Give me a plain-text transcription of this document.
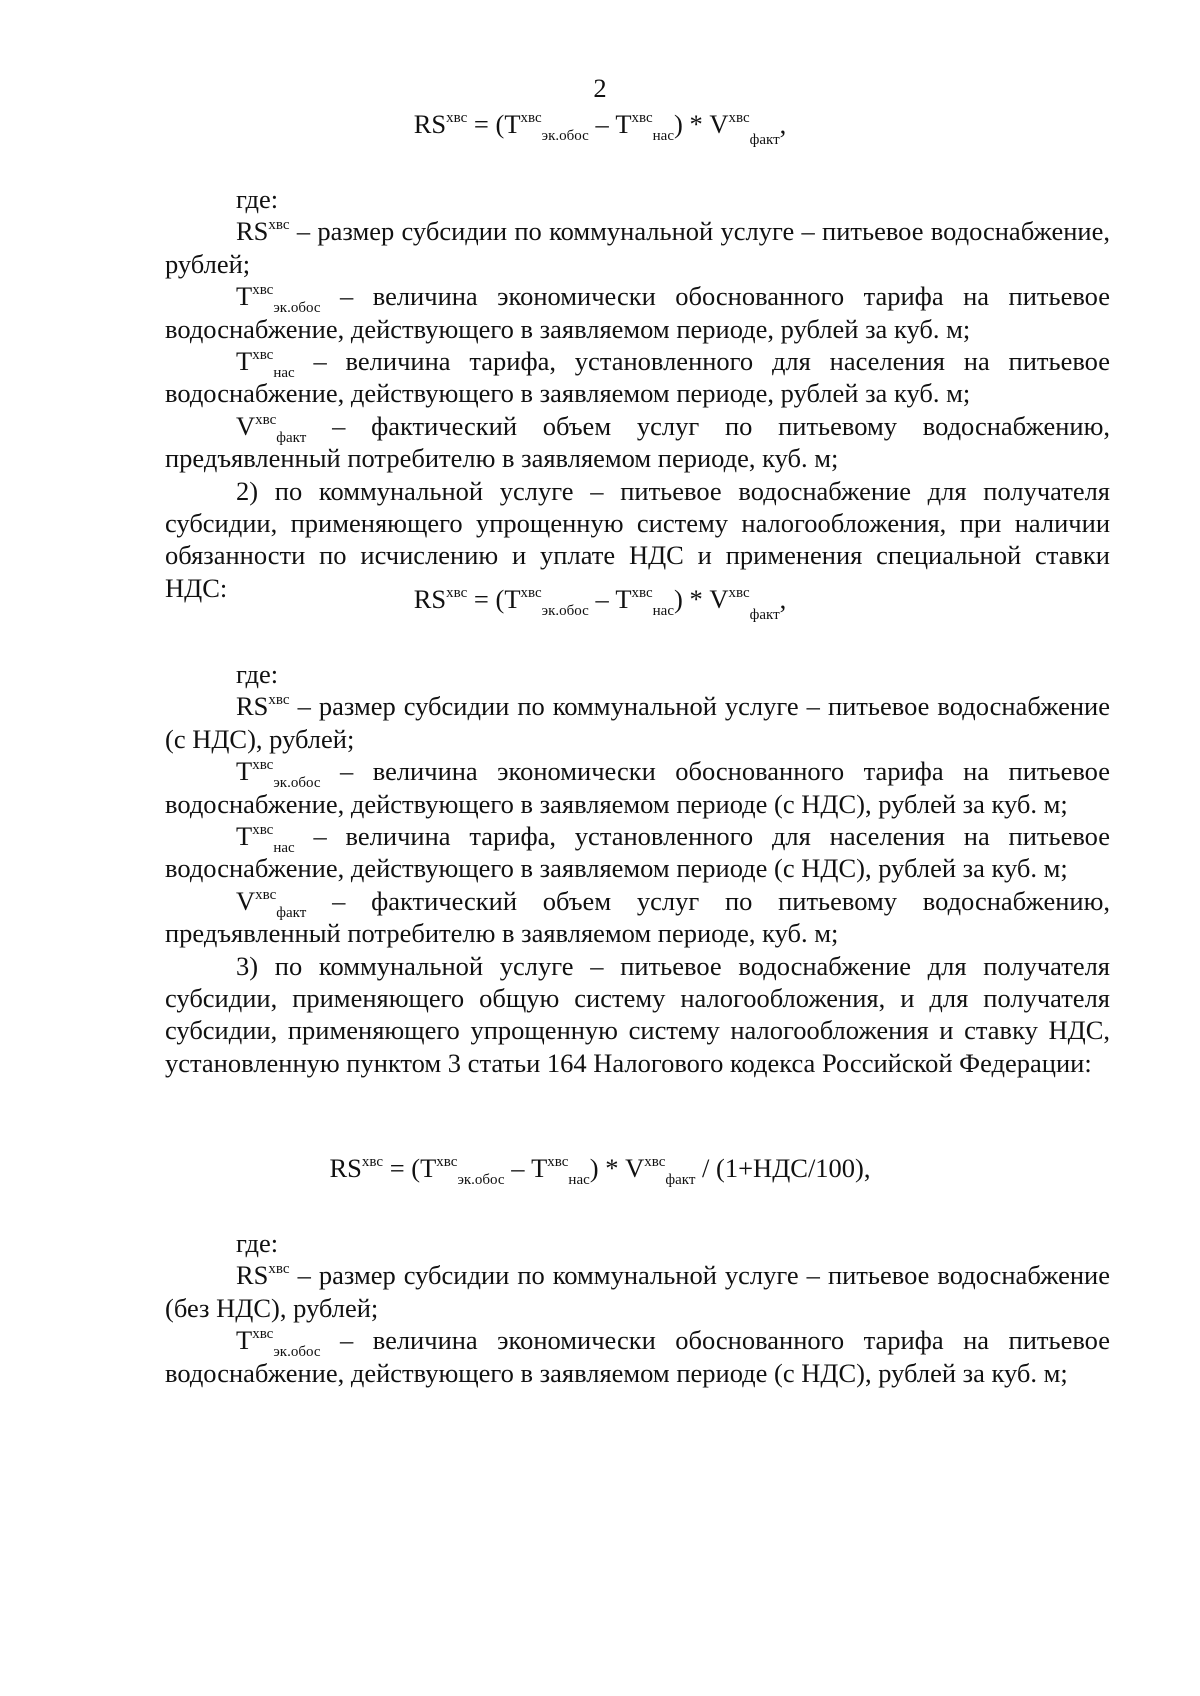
2
$RS^{хвс} = (T^{хвс}_{эк.обос} - T^{хвс}_{нас}) * V^{хвс}_{факт}$,

где:

$RS^{хвс}$ – размер субсидии по коммунальной услуге – питьевое водоснабжение, рублей;

$T^{хвс}_{эк.обос}$ – величина экономически обоснованного тарифа на питьевое водоснабжение, действующего в заявляемом периоде, рублей за куб. м;

$T^{хвс}_{нас}$ – величина тарифа, установленного для населения на питьевое водоснабжение, действующего в заявляемом периоде, рублей за куб. м;

$V^{хвс}_{факт}$ – фактический объем услуг по питьевому водоснабжению, предъявленный потребителю в заявляемом периоде, куб. м;

2) по коммунальной услуге – питьевое водоснабжение для получателя субсидии, применяющего упрощенную систему налогообложения, при наличии обязанности по исчислению и уплате НДС и применения специальной ставки НДС:	$RS^{хвс} = (T^{хвс}_{эк.обос} - T^{хвс}_{нас}) * V^{хвс}_{факт}$,

где:

$RS^{хвс}$ – размер субсидии по коммунальной услуге – питьевое водоснабжение (с НДС), рублей;

$T^{хвс}_{эк.обос}$ – величина экономически обоснованного тарифа на питьевое водоснабжение, действующего в заявляемом периоде (с НДС), рублей за куб. м;

$T^{хвс}_{нас}$ – величина тарифа, установленного для населения на питьевое водоснабжение, действующего в заявляемом периоде (с НДС), рублей за куб. м;

$V^{хвс}_{факт}$ – фактический объем услуг по питьевому водоснабжению, предъявленный потребителю в заявляемом периоде, куб. м;

3) по коммунальной услуге – питьевое водоснабжение для получателя субсидии, применяющего общую систему налогообложения, и для получателя субсидии, применяющего упрощенную систему налогообложения и ставку НДС, установленную пунктом 3 статьи 164 Налогового кодекса Российской Федерации:

$RS^{хвс} = (T^{хвс}_{эк.обос} - T^{хвс}_{нас}) * V^{хвс}_{факт} / (1+НДС/100)$,

где:

$RS^{хвс}$ – размер субсидии по коммунальной услуге – питьевое водоснабжение (без НДС), рублей;

$T^{хвс}_{эк.обос}$ – величина экономически обоснованного тарифа на питьевое водоснабжение, действующего в заявляемом периоде (с НДС), рублей за куб. м;
